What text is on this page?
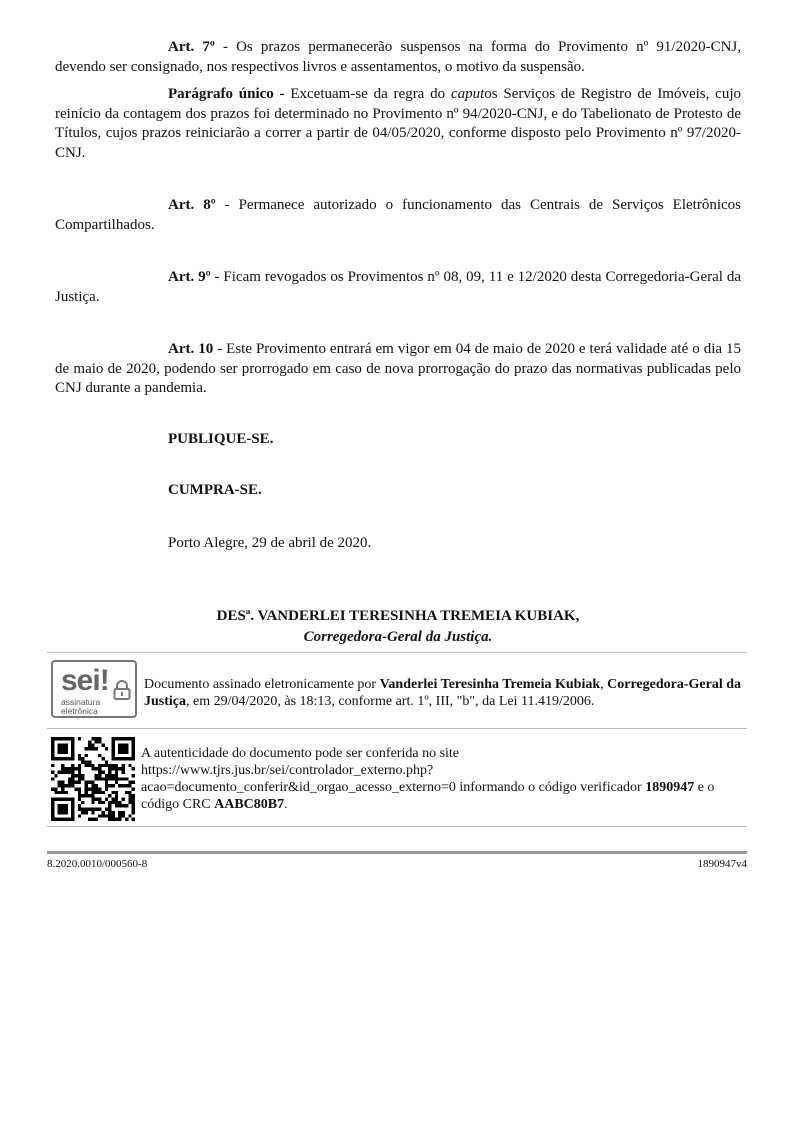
Art. 7º - Os prazos permanecerão suspensos na forma do Provimento nº 91/2020-CNJ, devendo ser consignado, nos respectivos livros e assentamentos, o motivo da suspensão.

Parágrafo único - Excetuam-se da regra do caputos Serviços de Registro de Imóveis, cujo reinício da contagem dos prazos foi determinado no Provimento nº 94/2020-CNJ, e do Tabelionato de Protesto de Títulos, cujos prazos reiniciarão a correr a partir de 04/05/2020, conforme disposto pelo Provimento nº 97/2020- CNJ.

Art. 8º - Permanece autorizado o funcionamento das Centrais de Serviços Eletrônicos Compartilhados.

Art. 9º - Ficam revogados os Provimentos nº 08, 09, 11 e 12/2020 desta Corregedoria-Geral da Justiça.

Art. 10 - Este Provimento entrará em vigor em 04 de maio de 2020 e terá validade até o dia 15 de maio de 2020, podendo ser prorrogado em caso de nova prorrogação do prazo das normativas publicadas pelo CNJ durante a pandemia.

PUBLIQUE-SE.
CUMPRA-SE.
Porto Alegre, 29 de abril de 2020.
DESª. VANDERLEI TERESINHA TREMEIA KUBIAK,
Corregedora-Geral da Justiça.
sei!
assinatura
eletrônica

Documento assinado eletronicamente por Vanderlei Teresinha Tremeia Kubiak, Corregedora-Geral da Justiça, em 29/04/2020, às 18:13, conforme art. 1º, III, "b", da Lei 11.419/2006.

A autenticidade do documento pode ser conferida no site https://www.tjrs.jus.br/sei/controlador_externo.php?acao=documento_conferir&id_orgao_acesso_externo=0 informando o código verificador 1890947 e o código CRC AABC80B7.

8.2020.0010/000560-8	1890947v4
